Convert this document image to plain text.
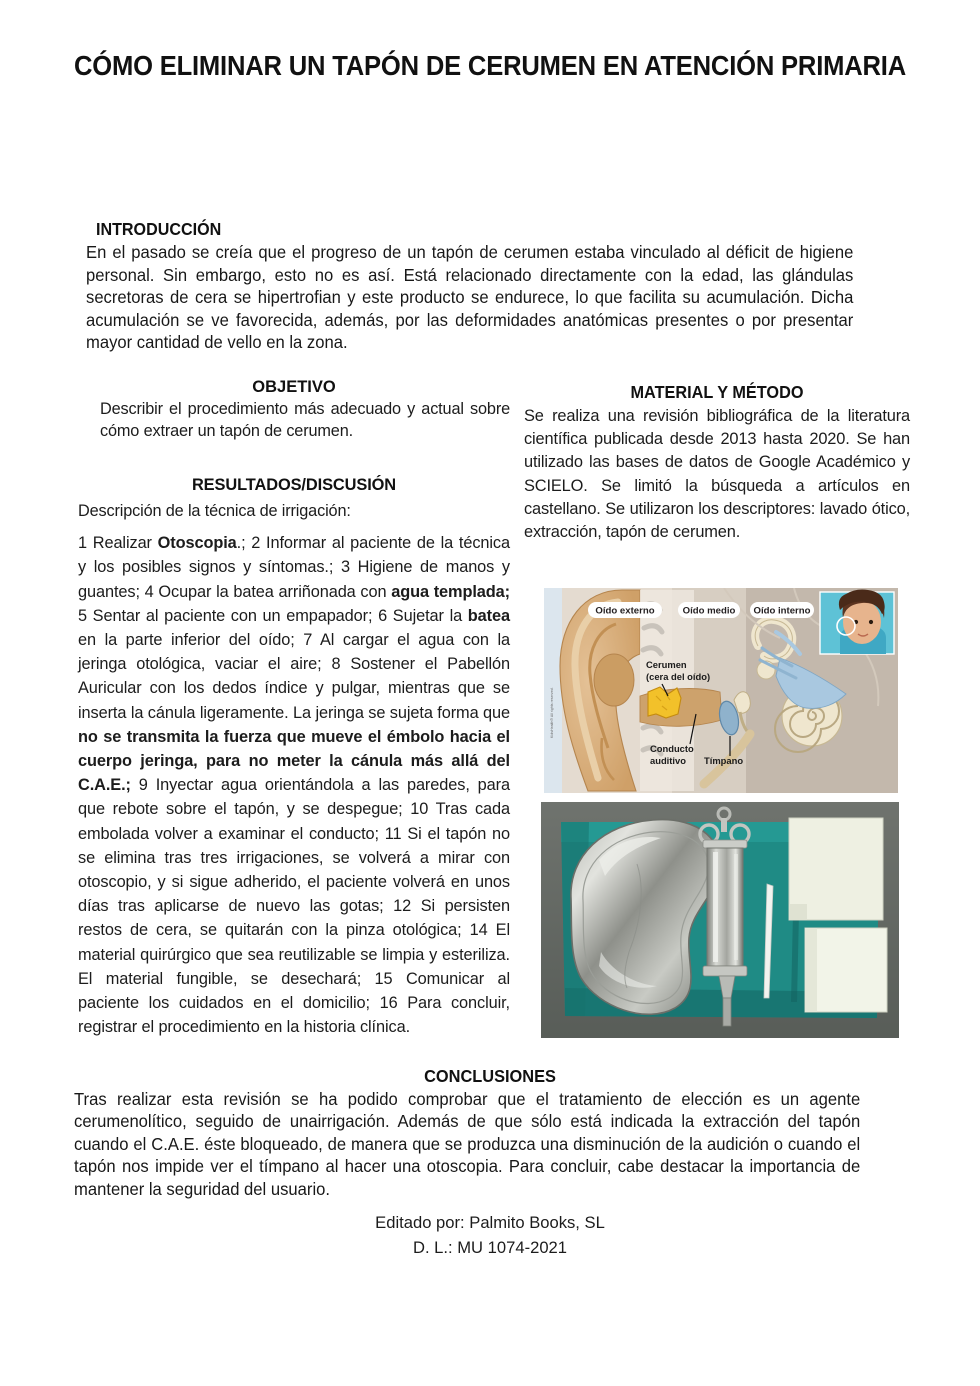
CÓMO ELIMINAR UN TAPÓN DE CERUMEN EN ATENCIÓN PRIMARIA
INTRODUCCIÓN
En el pasado se creía que el progreso de un tapón de cerumen estaba vinculado al déficit de higiene personal. Sin embargo, esto no es así. Está relacionado directamente con la edad, las glándulas secretoras de cera se hipertrofian y este producto se endurece, lo que facilita su acumulación. Dicha acumulación se ve favorecida, además, por las deformidades anatómicas presentes o por presentar mayor cantidad de vello en la zona.
OBJETIVO

Describir el procedimiento más adecuado y actual sobre cómo extraer un tapón de cerumen.

RESULTADOS/DISCUSIÓN

Descripción de la técnica de irrigación:

1 Realizar Otoscopia.; 2 Informar al paciente de la técnica y los posibles signos y síntomas.; 3 Higiene de manos y guantes; 4 Ocupar la batea arriñonada con agua templada; 5 Sentar al paciente con un empapador; 6 Sujetar la batea en la parte inferior del oído; 7 Al cargar el agua con la jeringa otológica, vaciar el aire; 8 Sostener el Pabellón Auricular con los dedos índice y pulgar, mientras que se inserta la cánula ligeramente. La jeringa se sujeta forma que no se transmita la fuerza que mueve el émbolo hacia el cuerpo jeringa, para no meter la cánula más allá del C.A.E.; 9 Inyectar agua orientándola a las paredes, para que rebote sobre el tapón, y se despegue; 10 Tras cada embolada volver a examinar el conducto; 11 Si el tapón no se elimina tras tres irrigaciones, se volverá a mirar con otoscopio, y si sigue adherido, el paciente volverá en unos días tras aplicarse de nuevo las gotas; 12 Si persisten restos de cera, se quitarán con la pinza otológica; 14 El material quirúrgico que sea reutilizable se limpia y esteriliza. El material fungible, se desechará; 15 Comunicar al paciente los cuidados en el domicilio; 16 Para concluir, registrar el procedimiento en la historia clínica.

MATERIAL Y MÉTODO

Se realiza una revisión bibliográfica de la literatura científica publicada desde 2013 hasta 2020. Se han utilizado las bases de datos de Google Académico y SCIELO. Se limitó la búsqueda a artículos en castellano. Se utilizaron los descriptores: lavado ótico, extracción, tapón de cerumen.

Oído externo	Oído medio Oído interno
Cerumen
(cera del oído)
Conducto
auditivo Tímpano
KidsHealth® All rights reserved.
CONCLUSIONES
Tras realizar esta revisión se ha podido comprobar que el tratamiento de elección es un agente cerumenolítico, seguido de unairrigación. Además de que sólo está indicada la extracción del tapón cuando el C.A.E. éste bloqueado, de manera que se produzca una disminución de la audición o cuando el tapón nos impide ver el tímpano al hacer una otoscopia. Para concluir, cabe destacar la importancia de mantener la seguridad del usuario.
Editado por: Palmito Books, SL
D. L.: MU 1074-2021
